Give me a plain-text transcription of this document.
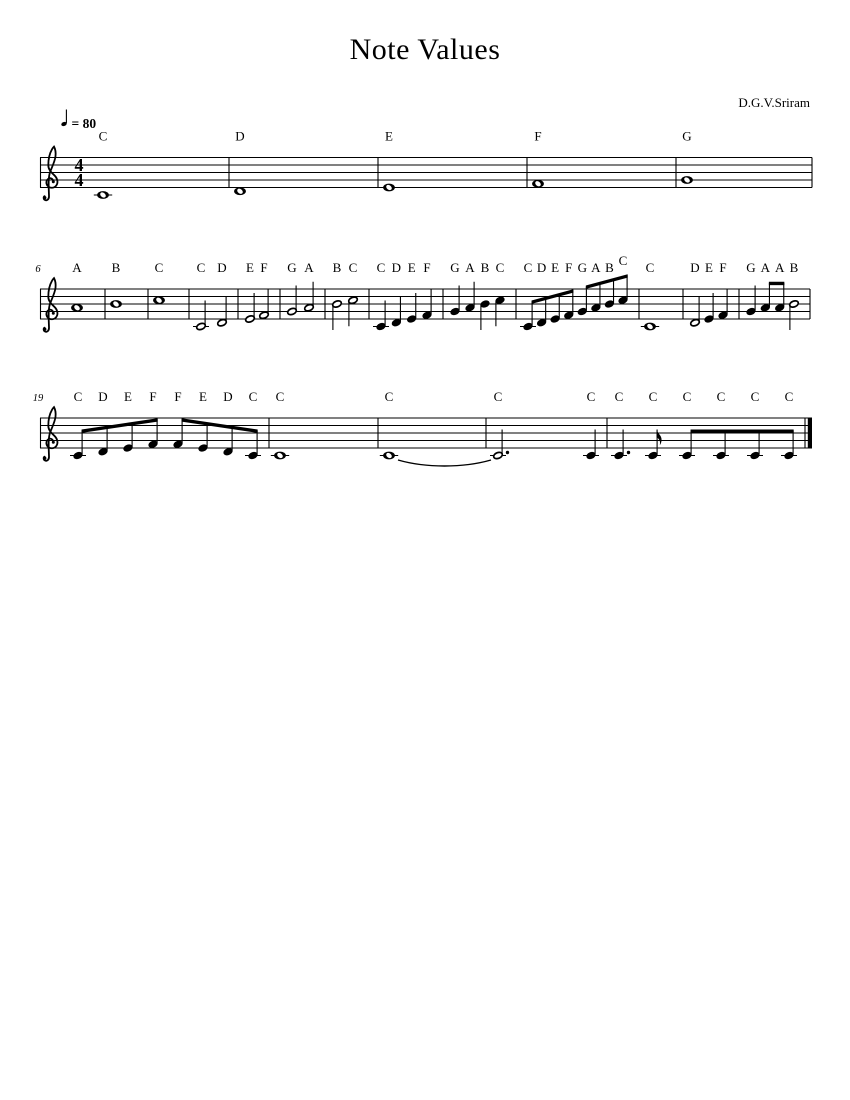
4
4
= 80
C	D	E	F	G
6 A B	C	C D E F G A B C C D E F G A B C C D E F G A B C C	D E F G A A B
19 C D E F F E D C C	C	C	C C C C C C C
Note Values
D.G.V.Sriram
